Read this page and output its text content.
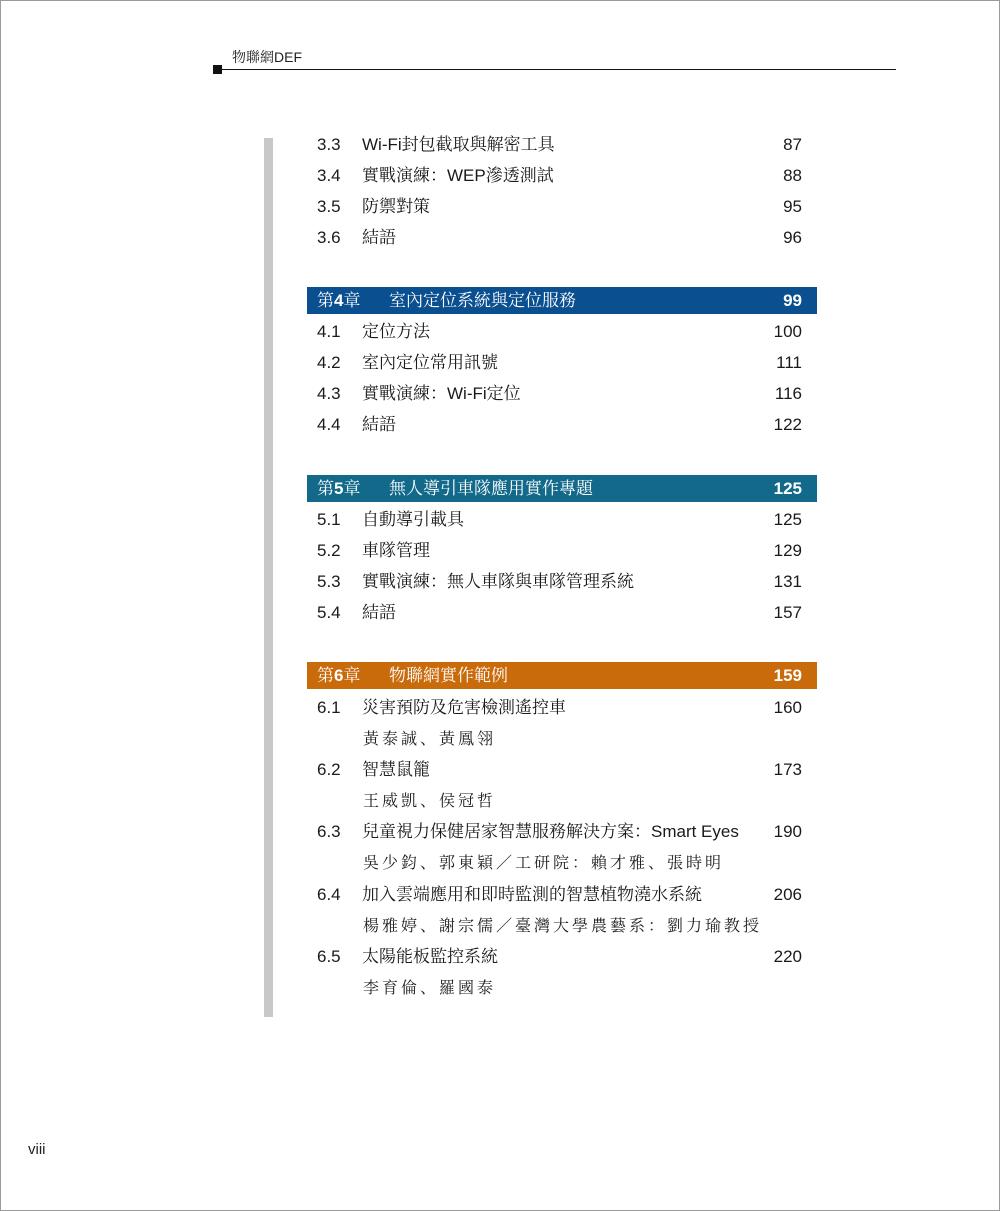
物聯網DEF
3.3 Wi-Fi封包截取與解密工具	87
3.4 實戰演練：WEP滲透測試	88
3.5 防禦對策	95
3.6 結語	96
第4章 室內定位系統與定位服務	99
4.1 定位方法	100
4.2 室內定位常用訊號	111
4.3 實戰演練：Wi-Fi定位	116
4.4 結語	122
第5章 無人導引車隊應用實作專題	125
5.1 自動導引載具	125
5.2 車隊管理	129
5.3 實戰演練：無人車隊與車隊管理系統	131
5.4 結語	157
第6章 物聯網實作範例	159
6.1 災害預防及危害檢測遙控車	160
黃泰誠、黃鳳翎
6.2 智慧鼠籠	173
王威凱、侯冠哲
6.3 兒童視力保健居家智慧服務解決方案：Smart Eyes 190
吳少鈞、郭東穎／工研院：賴才雅、張時明
6.4 加入雲端應用和即時監測的智慧植物澆水系統	206
楊雅婷、謝宗儒／臺灣大學農藝系：劉力瑜教授
6.5 太陽能板監控系統	220
李育倫、羅國泰
viii
